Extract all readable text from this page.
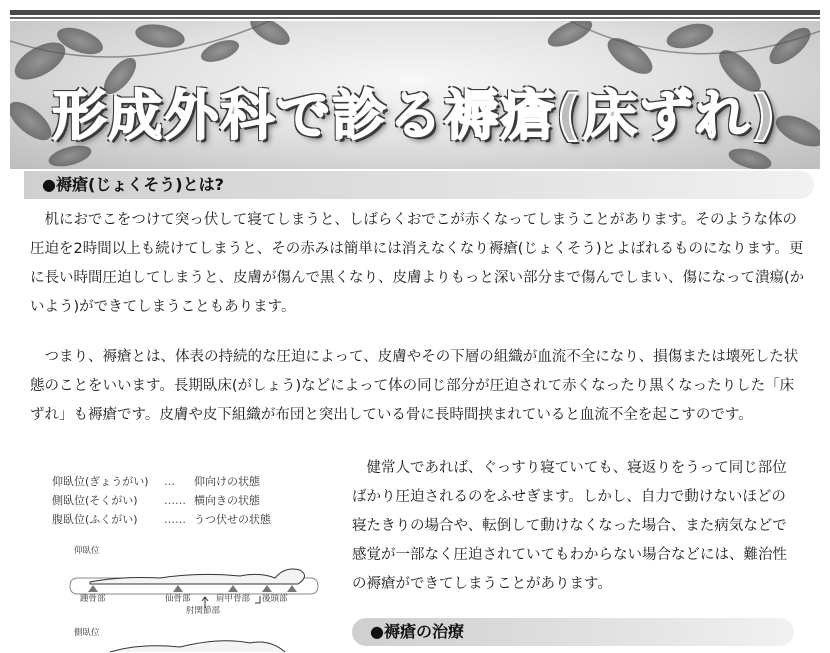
形成外科で診る褥瘡(床ずれ)
●褥瘡(じょくそう)とは?

机におでこをつけて突っ伏して寝てしまうと、しばらくおでこが赤くなってしまうことがあります。そのような体の圧迫を2時間以上も続けてしまうと、その赤みは簡単には消えなくなり褥瘡(じょくそう)とよばれるものになります。更に長い時間圧迫してしまうと、皮膚が傷んで黒くなり、皮膚よりもっと深い部分まで傷んでしまい、傷になって潰瘍(かいよう)ができてしまうこともあります。

つまり、褥瘡とは、体表の持続的な圧迫によって、皮膚やその下層の組織が血流不全になり、損傷または壊死した状態のことをいいます。長期臥床(がしょう)などによって体の同じ部分が圧迫されて赤くなったり黒くなったりした「床ずれ」も褥瘡です。皮膚や皮下組織が布団と突出している骨に長時間挟まれていると血流不全を起こすのです。

健常人であれば、ぐっすり寝ていても、寝返りをうって同じ部位ばかり圧迫されるのをふせぎます。しかし、自力で動けないほどの寝たきりの場合や、転倒して動けなくなった場合、また病気などで感覚が一部なく圧迫されていてもわからない場合などには、難治性の褥瘡ができてしまうことがあります。

仰臥位(ぎょうがい) … 仰向けの状態
側臥位(そくがい) …… 横向きの状態
腹臥位(ふくがい) …… うつ伏せの状態
仰臥位
踵骨部	仙骨部	肩甲骨部 後頭部
肘関節部
側臥位	●褥瘡の治療
